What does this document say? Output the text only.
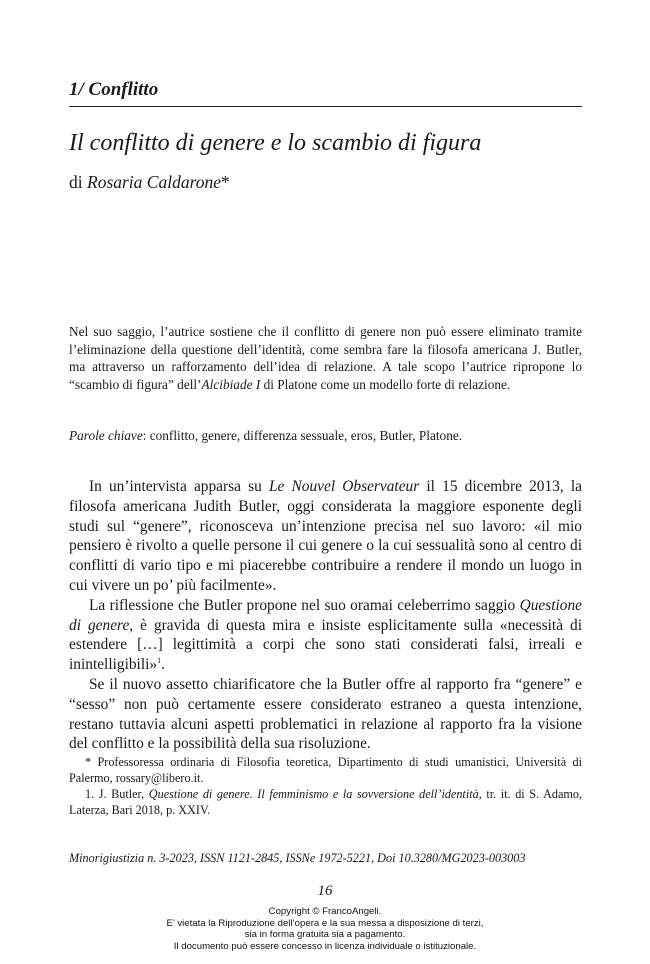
1/ Conflitto
Il conflitto di genere e lo scambio di figura
di Rosaria Caldarone*
Nel suo saggio, l’autrice sostiene che il conflitto di genere non può essere eliminato tramite l’eliminazione della questione dell’identità, come sembra fare la filosofa americana J. Butler, ma attraverso un rafforzamento dell’idea di relazione. A tale scopo l’autrice ripropone lo “scambio di figura” dell’Alcibiade I di Platone come un modello forte di relazione.
Parole chiave: conflitto, genere, differenza sessuale, eros, Butler, Platone.

In un’intervista apparsa su Le Nouvel Observateur il 15 dicembre 2013, la filosofa americana Judith Butler, oggi considerata la maggiore esponente degli studi sul “genere”, riconosceva un’intenzione precisa nel suo lavoro: «il mio pensiero è rivolto a quelle persone il cui genere o la cui sessualità sono al centro di conflitti di vario tipo e mi piacerebbe contribuire a rendere il mondo un luogo in cui vivere un po’ più facilmente».

La riflessione che Butler propone nel suo oramai celeberrimo saggio Questione di genere, è gravida di questa mira e insiste esplicitamente sulla «necessità di estendere […] legittimità a corpi che sono stati considerati falsi, irreali e inintelligibili»$^1$.

Se il nuovo assetto chiarificatore che la Butler offre al rapporto fra “genere” e “sesso” non può certamente essere considerato estraneo a questa intenzione, restano tuttavia alcuni aspetti problematici in relazione al rapporto fra la visione del conflitto e la possibilità della sua risoluzione.

* Professoressa ordinaria di Filosofia teoretica, Dipartimento di studi umanistici, Università di Palermo, rossary@libero.it.

1. J. Butler, Questione di genere. Il femminismo e la sovversione dell’identità, tr. it. di S. Adamo, Laterza, Bari 2018, p. XXIV.

Minorigiustizia n. 3-2023, ISSN 1121-2845, ISSNe 1972-5221, Doi 10.3280/MG2023-003003
16
Copyright © FrancoAngeli.
E’ vietata la Riproduzione dell’opera e la sua messa a disposizione di terzi,
sia in forma gratuita sia a pagamento.
Il documento può essere concesso in licenza individuale o istituzionale.
